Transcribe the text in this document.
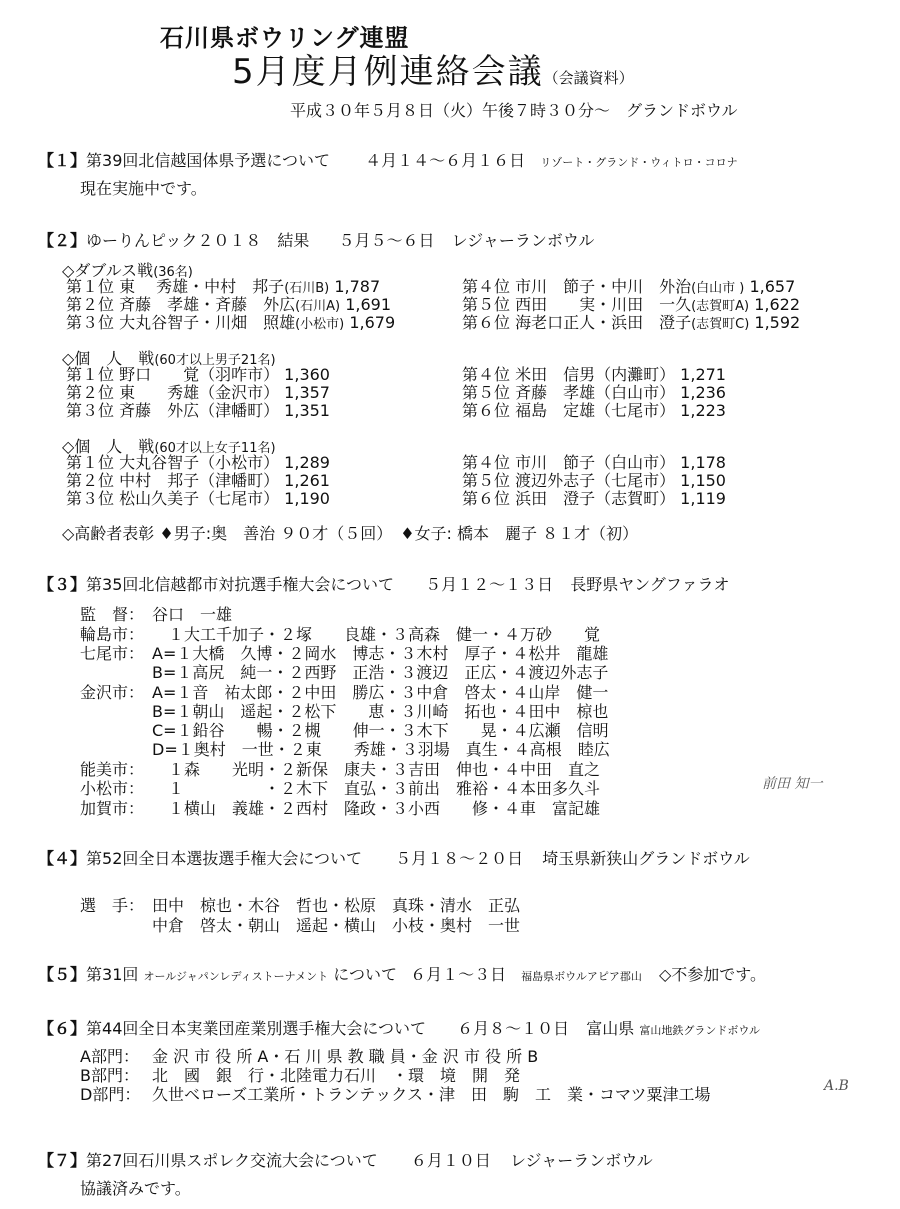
石川県ボウリング連盟
5月度月例連絡会議（会議資料）
平成３０年５月８日（火）午後７時３０分〜　グランドボウル
【１】第39回北信越国体県予選について ４月１４〜６月１６日 リゾート・グランド・ウィトロ・コロナ
現在実施中です。
【２】ゆーりんピック２０１８　結果 ５月５〜６日 レジャーランボウル
◇ダブルス戦(36名)
第１位 東　 秀雄・中村　邦子(石川B) 1,787
第２位 斉藤　孝雄・斉藤　外広(石川A) 1,691
第３位 大丸谷智子・川畑　照雄(小松市) 1,679
第４位 市川　節子・中川　外治(白山市 ) 1,657
第５位 西田　　実・川田　一久(志賀町A) 1,622
第６位 海老口正人・浜田　澄子(志賀町C) 1,592
◇個　人　戦(60才以上男子21名)
第１位 野口　　覚（羽咋市） 1,360
第２位 東　　秀雄（金沢市） 1,357
第３位 斉藤　外広（津幡町） 1,351
第４位 米田　信男（内灘町） 1,271
第５位 斉藤　孝雄（白山市） 1,236
第６位 福島　定雄（七尾市） 1,223
◇個　人　戦(60才以上女子11名)
第１位 大丸谷智子（小松市） 1,289
第２位 中村　邦子（津幡町） 1,261
第３位 松山久美子（七尾市） 1,190
第４位 市川　節子（白山市） 1,178
第５位 渡辺外志子（七尾市） 1,150
第６位 浜田　澄子（志賀町） 1,119
◇高齢者表彰 ♦男子:奥　善治 ９０才（５回）　♦女子: 橋本　麗子 ８１才（初）
【３】第35回北信越都市対抗選手権大会について ５月１２〜１３日 長野県ヤングファラオ
監　督： 谷口　一雄
輪島市：　１大工千加子・２塚　　良雄・３高森　健一・４万砂　　覚
七尾市： A=１大橋　久博・２岡水　博志・３木村　厚子・４松井　龍雄
B=１高尻　純一・２西野　正浩・３渡辺　正広・４渡辺外志子
金沢市： A=１音　祐太郎・２中田　勝広・３中倉　啓太・４山岸　健一
B=１朝山　遥起・２松下　　恵・３川崎　拓也・４田中　椋也
C=１鉛谷　　暢・２槻　　伸一・３木下　　晃・４広瀬　信明
D=１奥村　一世・２東　　秀雄・３羽場　真生・４高根　睦広
能美市：　１森　　光明・２新保　康夫・３吉田　伸也・４中田　直之
小松市：　１　　　　　・２木下　直弘・３前出　雅裕・４本田多久斗
加賀市：　１横山　義雄・２西村　隆政・３小西　　修・４車　富記雄
前田 知一
【４】第52回全日本選抜選手権大会について ５月１８〜２０日 埼玉県新狭山グランドボウル
選　手： 田中　椋也・木谷　哲也・松原　真珠・清水　正弘
中倉　啓太・朝山　遥起・横山　小枝・奥村　一世
【５】第31回 オールジャパンレディストーナメント について ６月１〜３日 福島県ボウルアピア郡山 ◇不参加です。
【６】第44回全日本実業団産業別選手権大会について ６月８〜１０日 富山県 富山地鉄グランドボウル
A部門： 金 沢 市 役 所 A・石 川 県 教 職 員・金 沢 市 役 所 B
B部門： 北　國　銀　行・北陸電力石川　・環　境　開　発
D部門： 久世ベローズ工業所・トランテックス・津　田　駒　工　業・コマツ粟津工場	A.B
【７】第27回石川県スポレク交流大会について ６月１０日 レジャーランボウル
協議済みです。
